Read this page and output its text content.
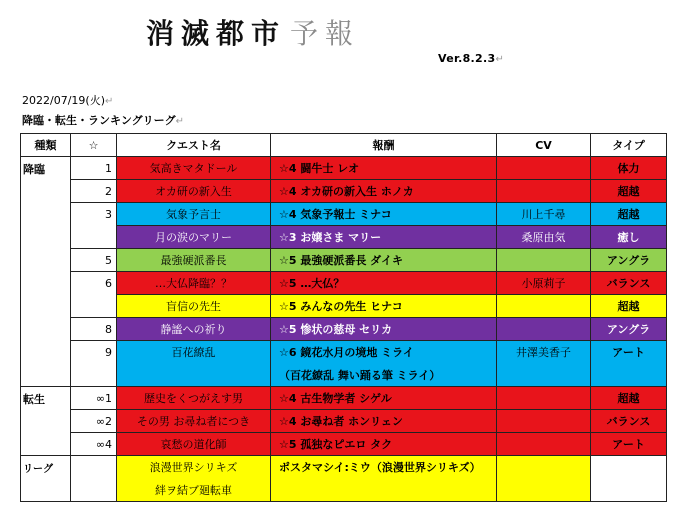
消滅都市 予報
Ver.8.2.3↵
2022/07/19(火)↵
降臨・転生・ランキングリーグ↵
種類	☆	クエスト名	報酬	CV	タイプ
降臨	1	気高きマタドール	☆4 闘牛士 レオ		体力
	2	オカ研の新入生	☆4 オカ研の新入生 ホノカ		超越
	3	気象予言士	☆4 気象予報士 ミナコ	川上千尋	超越
		月の涙のマリー	☆3 お嬢さま マリー	桑原由気	癒し
	5	最強硬派番長	☆5 最強硬派番長 ダイキ		アングラ
	6	…大仏降臨？？	☆5 …大仏？	小原莉子	バランス
		盲信の先生	☆5 みんなの先生 ヒナコ		超越
	8	静謐への祈り	☆5 惨状の慈母 セリカ		アングラ
	9	百花繚乱	☆6 鏡花水月の境地 ミライ	井澤美香子	アート
			（百花繚乱 舞い踊る筆 ミライ）		
転生	∞1	歴史をくつがえす男	☆4 古生物学者 シゲル		超越
	∞2	その男 お尋ね者につき	☆4 お尋ね者 ホンリェン		バランス
	∞4	哀愁の道化師	☆5 孤独なピエロ タク		アート
リーグ		浪漫世界シリキズ	ポスタマシイ:ミウ（浪漫世界シリキズ）		
		絆ヲ結ブ廻転車			
